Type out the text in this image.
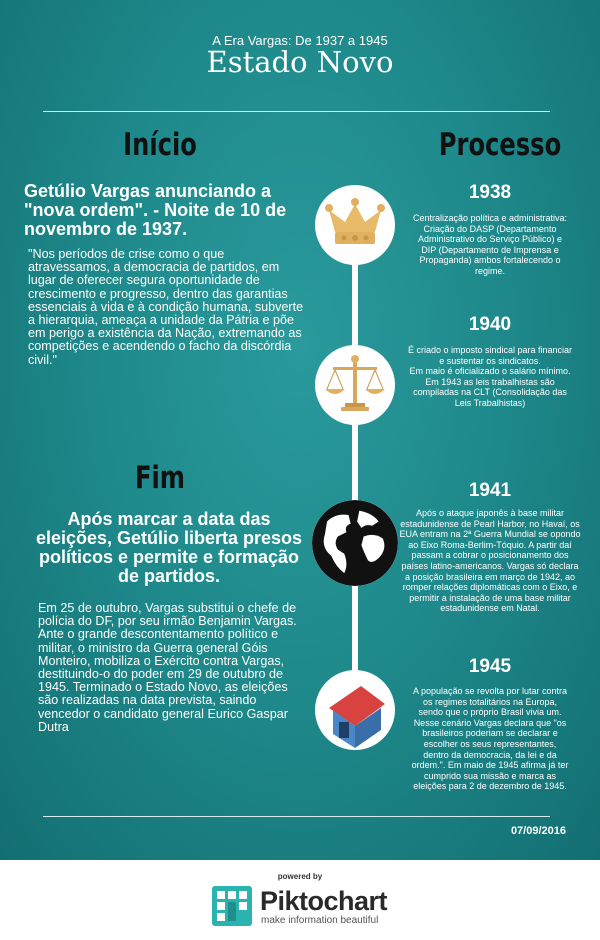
A Era Vargas: De 1937 a 1945
Estado Novo
Início
Getúlio Vargas anunciando a "nova ordem". - Noite de 10 de novembro de 1937.
"Nos períodos de crise como o que atravessamos, a democracia de partidos, em lugar de oferecer segura oportunidade de crescimento e progresso, dentro das garantias essenciais à vida e à condição humana, subverte a hierarquia, ameaça a unidade da Pátria e põe em perigo a existência da Nação, extremando as competições e acendendo o facho da discórdia civil."
Fim
Após marcar a data das eleições, Getúlio liberta presos políticos e permite e formação de partidos.
Em 25 de outubro, Vargas substitui o chefe de polícia do DF, por seu irmão Benjamin Vargas. Ante o grande descontentamento político e militar, o ministro da Guerra general Góis Monteiro, mobiliza o Exército contra Vargas, destituindo-o do poder em 29 de outubro de 1945. Terminado o Estado Novo, as eleições são realizadas na data prevista, saindo vencedor o candidato general Eurico Gaspar Dutra
Processo
1938
Centralização política e administrativa: Criação do DASP (Departamento Administrativo do Serviço Público) e DIP (Departamento de Imprensa e Propaganda) ambos fortalecendo o regime.
1940
É criado o imposto sindical para financiar e sustentar os sindicatos.
Em maio é oficializado o salário mínimo.
Em 1943 as leis trabalhistas são compiladas na CLT (Consolidação das Leis Trabalhistas)
1941
Após o ataque japonês à base militar estadunidense de Pearl Harbor, no Havaí, os EUA entram na 2ª Guerra Mundial se opondo ao Eixo Roma-Berlim-Tóquio. A partir daí passam a cobrar o posicionamento dos países latino-americanos. Vargas só declara a posição brasileira em março de 1942, ao romper relações diplomáticas com o Eixo, e permitir a instalação de uma base militar estadunidense em Natal.
1945
A população se revolta por lutar contra os regimes totalitários na Europa, sendo que o próprio Brasil vivia um. Nesse cenário Vargas declara que "os brasileiros poderiam se declarar e escolher os seus representantes, dentro da democracia, da lei e da ordem.". Em maio de 1945 afirma já ter cumprido sua missão e marca as eleições para 2 de dezembro de 1945.
07/09/2016
powered by
Piktochart
make information beautiful
